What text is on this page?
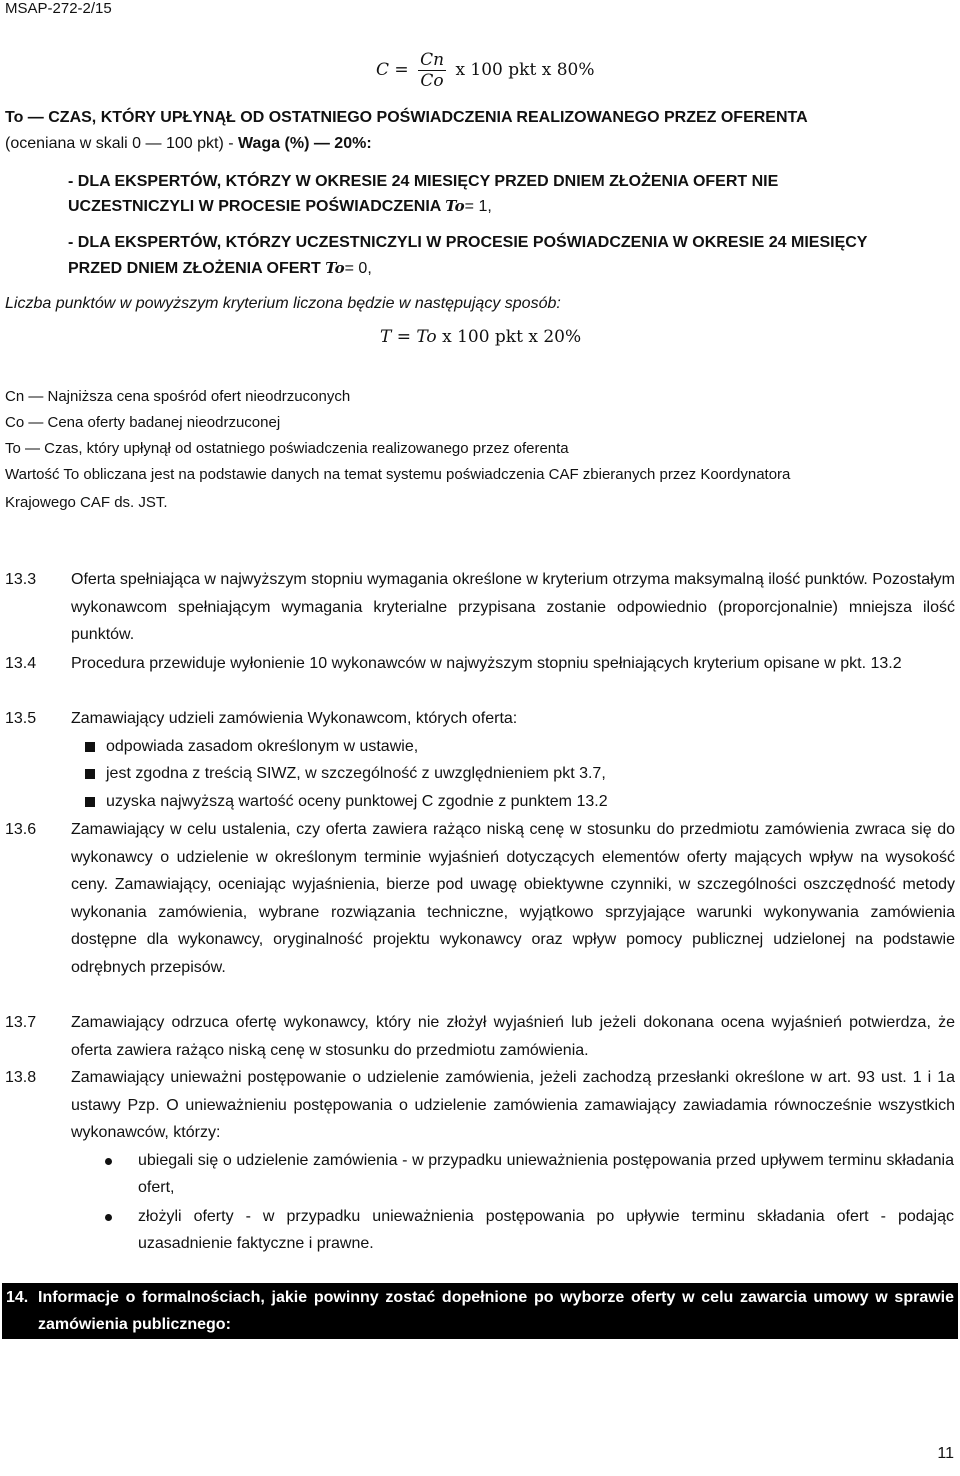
MSAP-272-2/15
$C = \frac{Cn}{Co}$ x 100 pkt x 80%
To — CZAS, KTÓRY UPŁYNĄŁ OD OSTATNIEGO POŚWIADCZENIA REALIZOWANEGO PRZEZ OFERENTA
(oceniana w skali 0 — 100 pkt) - Waga (%) — 20%:
- DLA EKSPERTÓW, KTÓRZY W OKRESIE 24 MIESIĘCY PRZED DNIEM ZŁOŻENIA OFERT NIE
UCZESTNICZYLI W PROCESIE POŚWIADCZENIA To= 1,
- DLA EKSPERTÓW, KTÓRZY UCZESTNICZYLI W PROCESIE POŚWIADCZENIA W OKRESIE 24 MIESIĘCY
PRZED DNIEM ZŁOŻENIA OFERT To= 0,
Liczba punktów w powyższym kryterium liczona będzie w następujący sposób:
T = To x 100 pkt x 20%
Cn — Najniższa cena spośród ofert nieodrzuconych
Co — Cena oferty badanej nieodrzuconej
To — Czas, który upłynął od ostatniego poświadczenia realizowanego przez oferenta
Wartość To obliczana jest na podstawie danych na temat systemu poświadczenia CAF zbieranych przez Koordynatora
Krajowego CAF ds. JST.
13.3 Oferta spełniająca w najwyższym stopniu wymagania określone w kryterium otrzyma maksymalną ilość punktów. Pozostałym wykonawcom spełniającym wymagania kryterialne przypisana zostanie odpowiednio (proporcjonalnie) mniejsza ilość punktów.
13.4 Procedura przewiduje wyłonienie 10 wykonawców w najwyższym stopniu spełniających kryterium opisane w pkt. 13.2
13.5 Zamawiający udzieli zamówienia Wykonawcom, których oferta:
odpowiada zasadom określonym w ustawie,
jest zgodna z treścią SIWZ, w szczególność z uwzględnieniem pkt 3.7,
uzyska najwyższą wartość oceny punktowej C zgodnie z punktem 13.2
13.6 Zamawiający w celu ustalenia, czy oferta zawiera rażąco niską cenę w stosunku do przedmiotu zamówienia zwraca się do wykonawcy o udzielenie w określonym terminie wyjaśnień dotyczących elementów oferty mających wpływ na wysokość ceny. Zamawiający, oceniając wyjaśnienia, bierze pod uwagę obiektywne czynniki, w szczególności oszczędność metody wykonania zamówienia, wybrane rozwiązania techniczne, wyjątkowo sprzyjające warunki wykonywania zamówienia dostępne dla wykonawcy, oryginalność projektu wykonawcy oraz wpływ pomocy publicznej udzielonej na podstawie odrębnych przepisów.
13.7 Zamawiający odrzuca ofertę wykonawcy, który nie złożył wyjaśnień lub jeżeli dokonana ocena wyjaśnień potwierdza, że oferta zawiera rażąco niską cenę w stosunku do przedmiotu zamówienia.
13.8 Zamawiający unieważni postępowanie o udzielenie zamówienia, jeżeli zachodzą przesłanki określone w art. 93 ust. 1 i 1a ustawy Pzp. O unieważnieniu postępowania o udzielenie zamówienia zamawiający zawiadamia równocześnie wszystkich wykonawców, którzy:
ubiegali się o udzielenie zamówienia - w przypadku unieważnienia postępowania przed upływem terminu składania ofert,
złożyli oferty - w przypadku unieważnienia postępowania po upływie terminu składania ofert - podając uzasadnienie faktyczne i prawne.
14. Informacje o formalnościach, jakie powinny zostać dopełnione po wyborze oferty w celu zawarcia umowy w sprawie zamówienia publicznego:
11
